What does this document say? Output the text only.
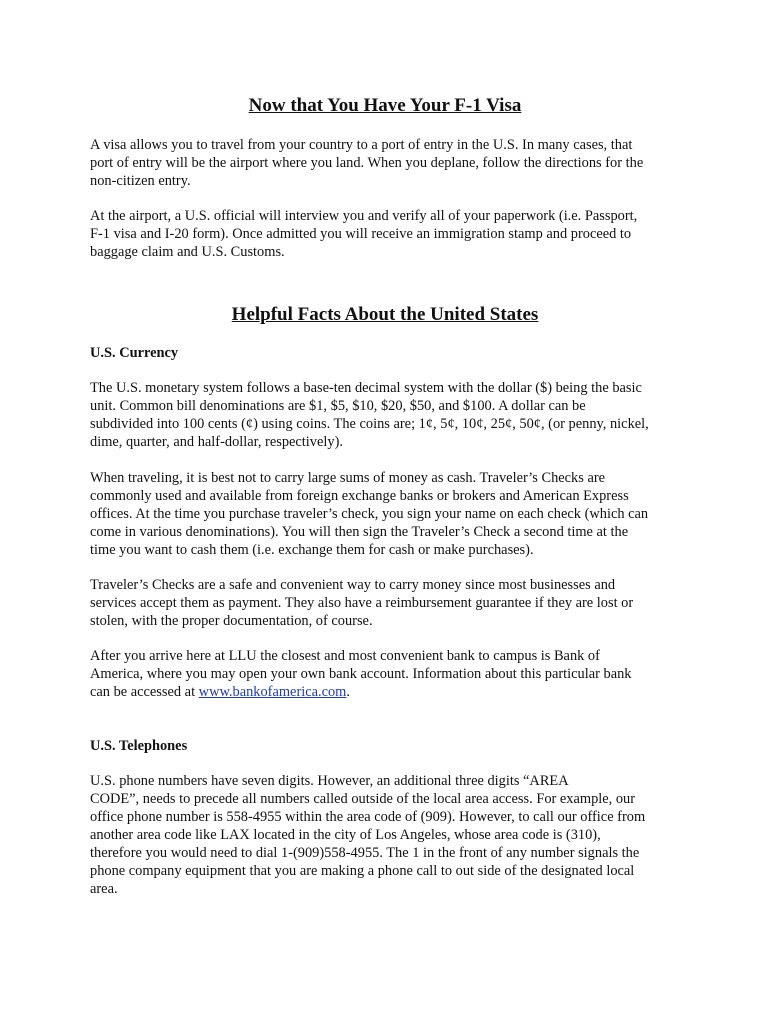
Now that You Have Your F-1 Visa

A visa allows you to travel from your country to a port of entry in the U.S. In many cases, that
port of entry will be the airport where you land. When you deplane, follow the directions for the
non-citizen entry.

At the airport, a U.S. official will interview you and verify all of your paperwork (i.e. Passport,
F-1 visa and I-20 form). Once admitted you will receive an immigration stamp and proceed to
baggage claim and U.S. Customs.

Helpful Facts About the United States

U.S. Currency

The U.S. monetary system follows a base-ten decimal system with the dollar ($) being the basic
unit. Common bill denominations are $1, $5, $10, $20, $50, and $100. A dollar can be
subdivided into 100 cents (¢) using coins. The coins are; 1¢, 5¢, 10¢, 25¢, 50¢, (or penny, nickel,
dime, quarter, and half-dollar, respectively).

When traveling, it is best not to carry large sums of money as cash. Traveler’s Checks are
commonly used and available from foreign exchange banks or brokers and American Express
offices. At the time you purchase traveler’s check, you sign your name on each check (which can
come in various denominations). You will then sign the Traveler’s Check a second time at the
time you want to cash them (i.e. exchange them for cash or make purchases).

Traveler’s Checks are a safe and convenient way to carry money since most businesses and
services accept them as payment. They also have a reimbursement guarantee if they are lost or
stolen, with the proper documentation, of course.

After you arrive here at LLU the closest and most convenient bank to campus is Bank of
America, where you may open your own bank account. Information about this particular bank
can be accessed at www.bankofamerica.com.

U.S. Telephones

U.S. phone numbers have seven digits. However, an additional three digits “AREA
CODE”, needs to precede all numbers called outside of the local area access. For example, our
office phone number is 558-4955 within the area code of (909). However, to call our office from
another area code like LAX located in the city of Los Angeles, whose area code is (310),
therefore you would need to dial 1-(909)558-4955. The 1 in the front of any number signals the
phone company equipment that you are making a phone call to out side of the designated local
area.
